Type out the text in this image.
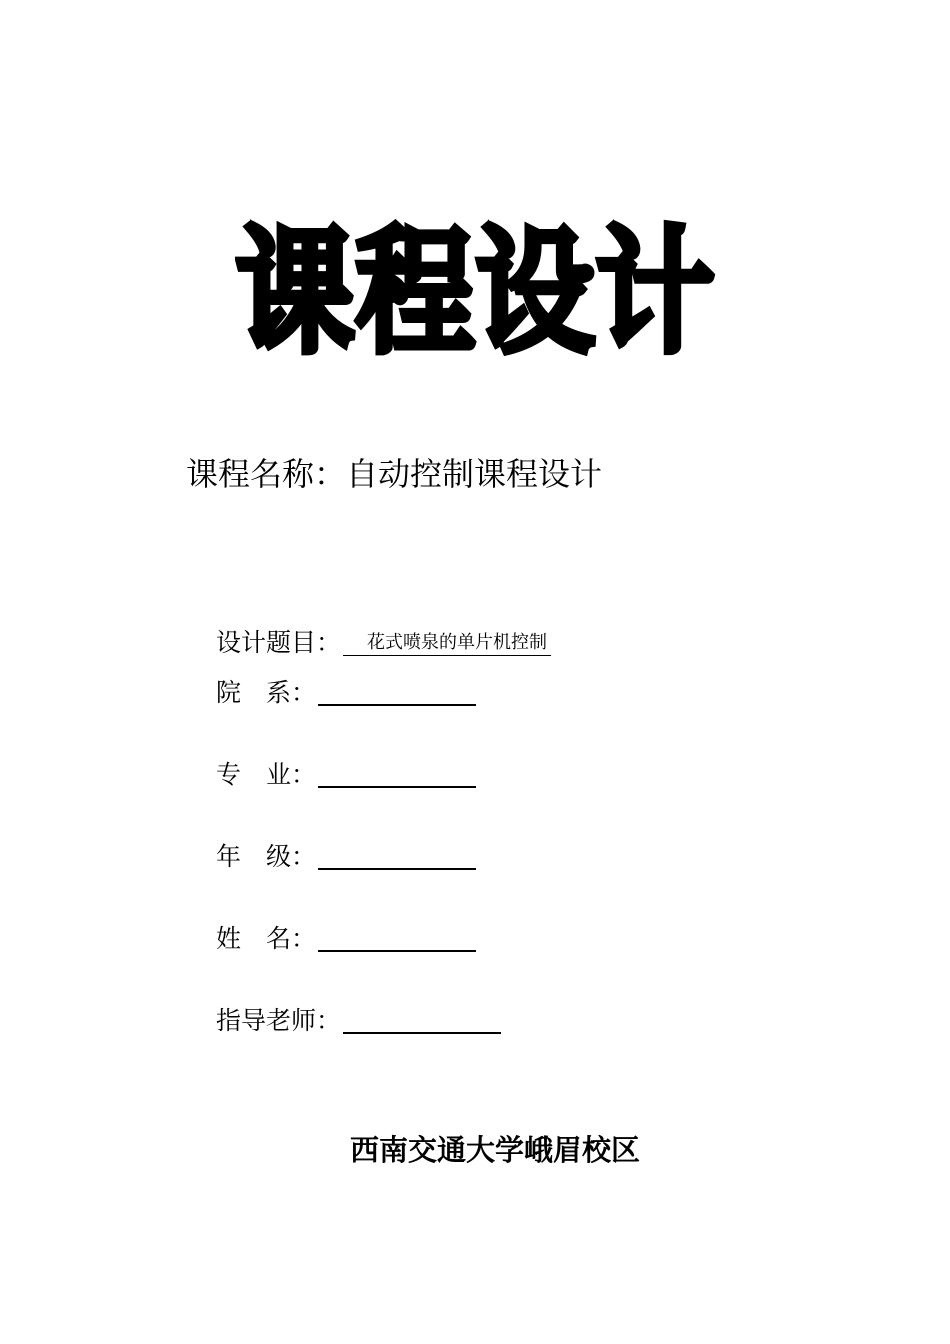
课程设计
课程名称：自动控制课程设计
设计题目：	花式喷泉的单片机控制
院　系：
专　业：
年　级：
姓　名：
指导老师：
西南交通大学峨眉校区
